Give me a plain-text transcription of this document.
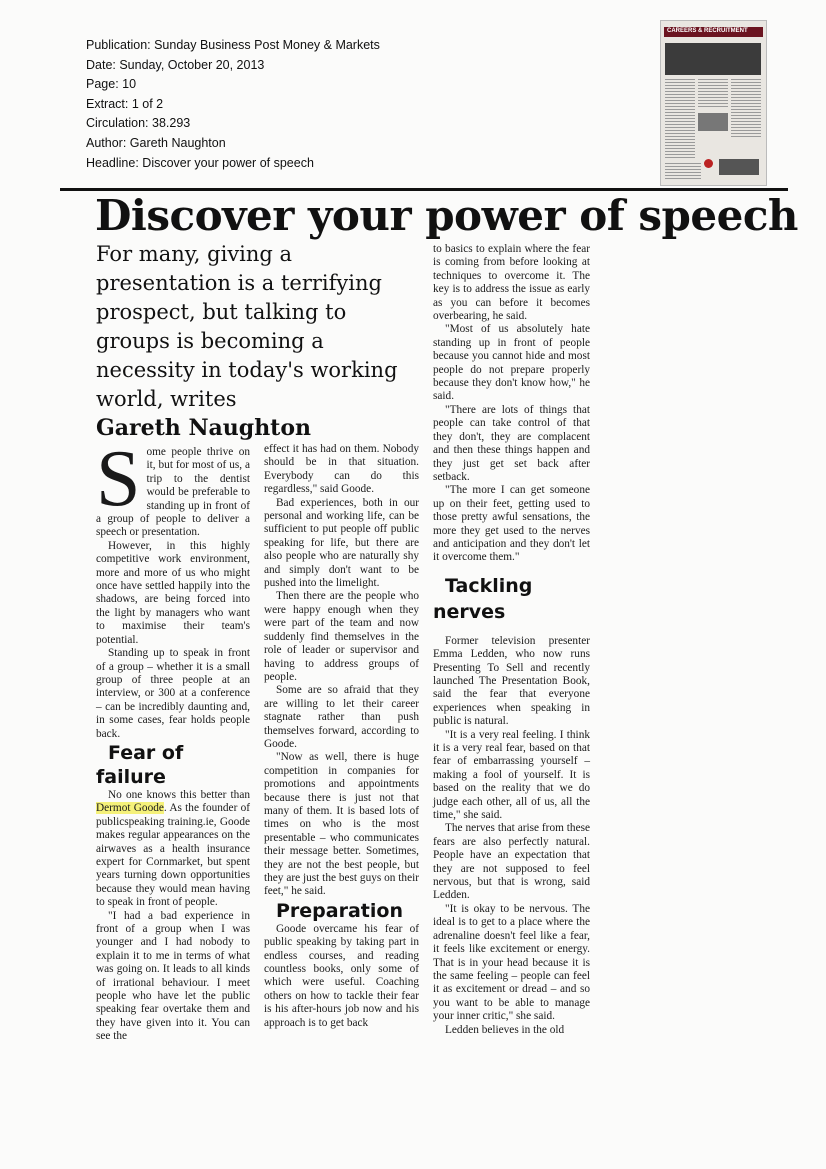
Publication: Sunday Business Post Money & Markets
Date: Sunday, October 20, 2013
Page: 10
Extract: 1 of 2
Circulation: 38.293
Author: Gareth Naughton
Headline: Discover your power of speech
CAREERS & RECRUITMENT
Discover your power of speech
For many, giving a presentation is a terrifying prospect, but talking to groups is becoming a necessity in today's working world, writes
Gareth Naughton

Some people thrive on it, but for most of us, a trip to the dentist would be preferable to standing up in front of a group of people to deliver a speech or presentation.

However, in this highly competitive work environment, more and more of us who might once have settled happily into the shadows, are being forced into the light by managers who want to maximise their team's potential.

Standing up to speak in front of a group – whether it is a small group of three people at an interview, or 300 at a conference – can be incredibly daunting and, in some cases, fear holds people back.

Fear of failure

No one knows this better than Dermot Goode. As the founder of publicspeaking training.ie, Goode makes regular appearances on the airwaves as a health insurance expert for Cornmarket, but spent years turning down opportunities because they would mean having to speak in front of people.

"I had a bad experience in front of a group when I was younger and I had nobody to explain it to me in terms of what was going on. It leads to all kinds of irrational behaviour. I meet people who have let the public speaking fear overtake them and they have given into it. You can see the

effect it has had on them. Nobody should be in that situation. Everybody can do this regardless," said Goode.

Bad experiences, both in our personal and working life, can be sufficient to put people off public speaking for life, but there are also people who are naturally shy and simply don't want to be pushed into the limelight.

Then there are the people who were happy enough when they were part of the team and now suddenly find themselves in the role of leader or supervisor and having to address groups of people.

Some are so afraid that they are willing to let their career stagnate rather than push themselves forward, according to Goode.

"Now as well, there is huge competition in companies for promotions and appointments because there is just not that many of them. It is based lots of times on who is the most presentable – who communicates their message better. Sometimes, they are not the best people, but they are just the best guys on their feet," he said.

Preparation

Goode overcame his fear of public speaking by taking part in endless courses, and reading countless books, only some of which were useful. Coaching others on how to tackle their fear is his after-hours job now and his approach is to get back

to basics to explain where the fear is coming from before looking at techniques to overcome it. The key is to address the issue as early as you can before it becomes overbearing, he said.

"Most of us absolutely hate standing up in front of people because you cannot hide and most people do not prepare properly because they don't know how," he said.

"There are lots of things that people can take control of that they don't, they are complacent and then these things happen and they just get set back after setback.

"The more I can get someone up on their feet, getting used to those pretty awful sensations, the more they get used to the nerves and anticipation and they don't let it overcome them."

Tackling nerves

Former television presenter Emma Ledden, who now runs Presenting To Sell and recently launched The Presentation Book, said the fear that everyone experiences when speaking in public is natural.

"It is a very real feeling. I think it is a very real fear, based on that fear of embarrassing yourself – making a fool of yourself. It is based on the reality that we do judge each other, all of us, all the time," she said.

The nerves that arise from these fears are also perfectly natural. People have an expectation that they are not supposed to feel nervous, but that is wrong, said Ledden.

"It is okay to be nervous. The ideal is to get to a place where the adrenaline doesn't feel like a fear, it feels like excitement or energy. That is in your head because it is the same feeling – people can feel it as excitement or dread – and so you want to be able to manage your inner critic," she said.

Ledden believes in the old
